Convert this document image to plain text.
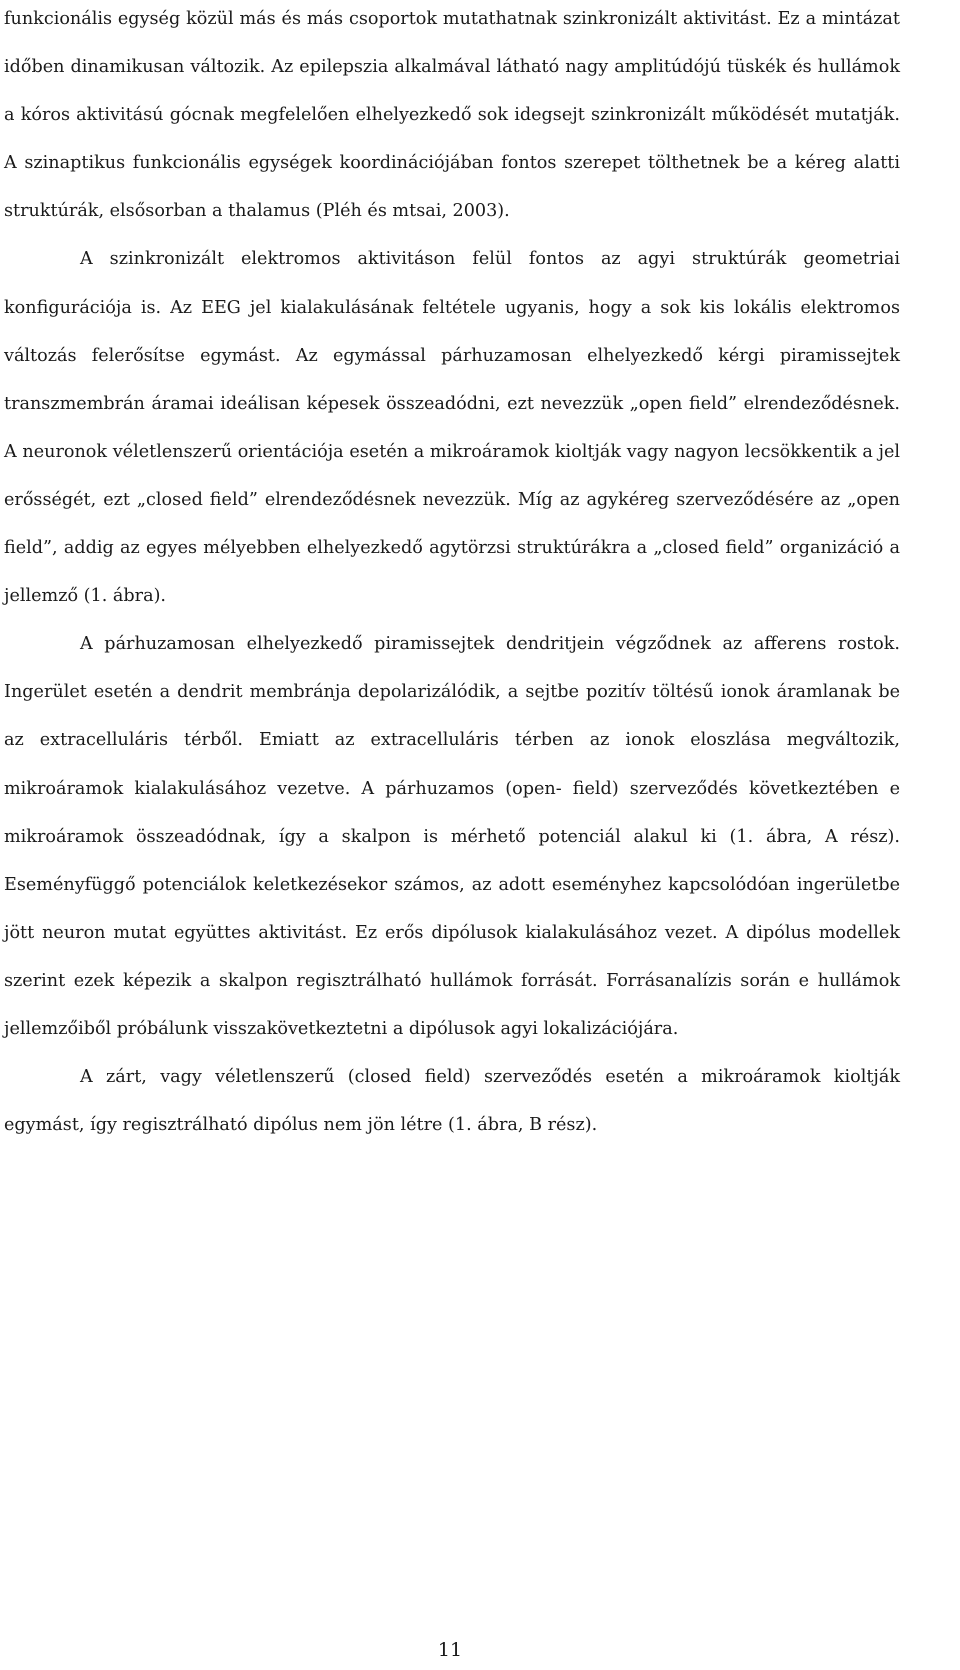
funkcionális egység közül más és más csoportok mutathatnak szinkronizált aktivitást. Ez a mintázat időben dinamikusan változik. Az epilepszia alkalmával látható nagy amplitúdójú tüskék és hullámok a kóros aktivitású gócnak megfelelően elhelyezkedő sok idegsejt szinkronizált működését mutatják. A szinaptikus funkcionális egységek koordinációjában fontos szerepet tölthetnek be a kéreg alatti struktúrák, elsősorban a thalamus (Pléh és mtsai, 2003).

A szinkronizált elektromos aktivitáson felül fontos az agyi struktúrák geometriai konfigurációja is. Az EEG jel kialakulásának feltétele ugyanis, hogy a sok kis lokális elektromos változás felerősítse egymást. Az egymással párhuzamosan elhelyezkedő kérgi piramissejtek transzmembrán áramai ideálisan képesek összeadódni, ezt nevezzük „open field” elrendeződésnek. A neuronok véletlenszerű orientációja esetén a mikroáramok kioltják vagy nagyon lecsökkentik a jel erősségét, ezt „closed field” elrendeződésnek nevezzük. Míg az agykéreg szerveződésére az „open field”, addig az egyes mélyebben elhelyezkedő agytörzsi struktúrákra a „closed field” organizáció a jellemző (1. ábra).

A párhuzamosan elhelyezkedő piramissejtek dendritjein végződnek az afferens rostok. Ingerület esetén a dendrit membránja depolarizálódik, a sejtbe pozitív töltésű ionok áramlanak be az extracelluláris térből. Emiatt az extracelluláris térben az ionok eloszlása megváltozik, mikroáramok kialakulásához vezetve. A párhuzamos (open- field) szerveződés következtében e mikroáramok összeadódnak, így a skalpon is mérhető potenciál alakul ki (1. ábra, A rész). Eseményfüggő potenciálok keletkezésekor számos, az adott eseményhez kapcsolódóan ingerületbe jött neuron mutat együttes aktivitást. Ez erős dipólusok kialakulásához vezet. A dipólus modellek szerint ezek képezik a skalpon regisztrálható hullámok forrását. Forrásanalízis során e hullámok jellemzőiből próbálunk visszakövetkeztetni a dipólusok agyi lokalizációjára.

A zárt, vagy véletlenszerű (closed field) szerveződés esetén a mikroáramok kioltják egymást, így regisztrálható dipólus nem jön létre (1. ábra, B rész).

11
